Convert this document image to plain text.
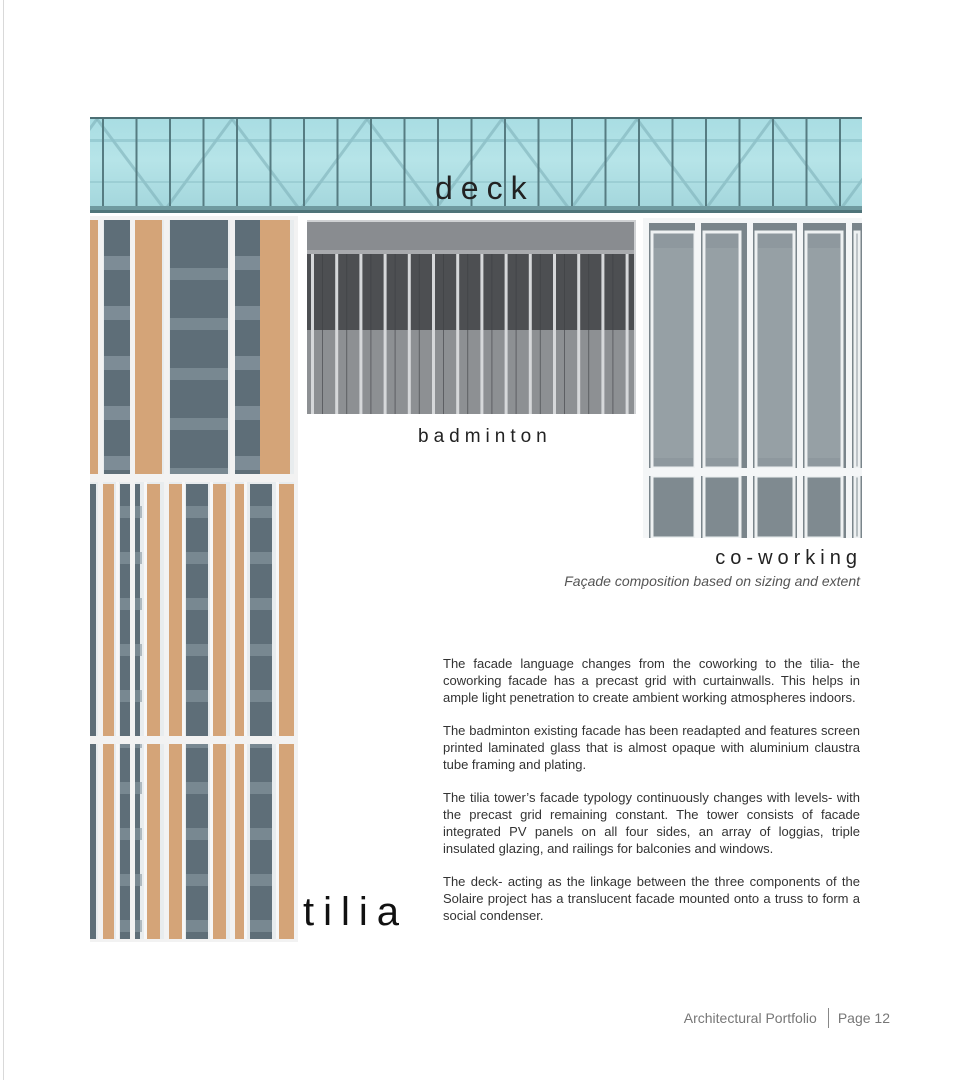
deck
badminton
co-working
Façade composition based on sizing and extent
tilia

The facade language changes from the coworking to the tilia- the coworking facade has a precast grid with curtainwalls. This helps in ample light penetration to create ambient working atmospheres indoors.

The badminton existing facade has been readapted and features screen printed laminated glass that is almost opaque with aluminium claustra tube framing and plating.

The tilia tower’s facade typology continuously changes with levels- with the precast grid remaining constant. The tower consists of facade integrated PV panels on all four sides, an array of loggias, triple insulated glazing, and railings for balconies and windows.

The deck- acting as the linkage between the three components of the Solaire project has a translucent facade mounted onto a truss to form a social condenser.

Architectural Portfolio Page 12
